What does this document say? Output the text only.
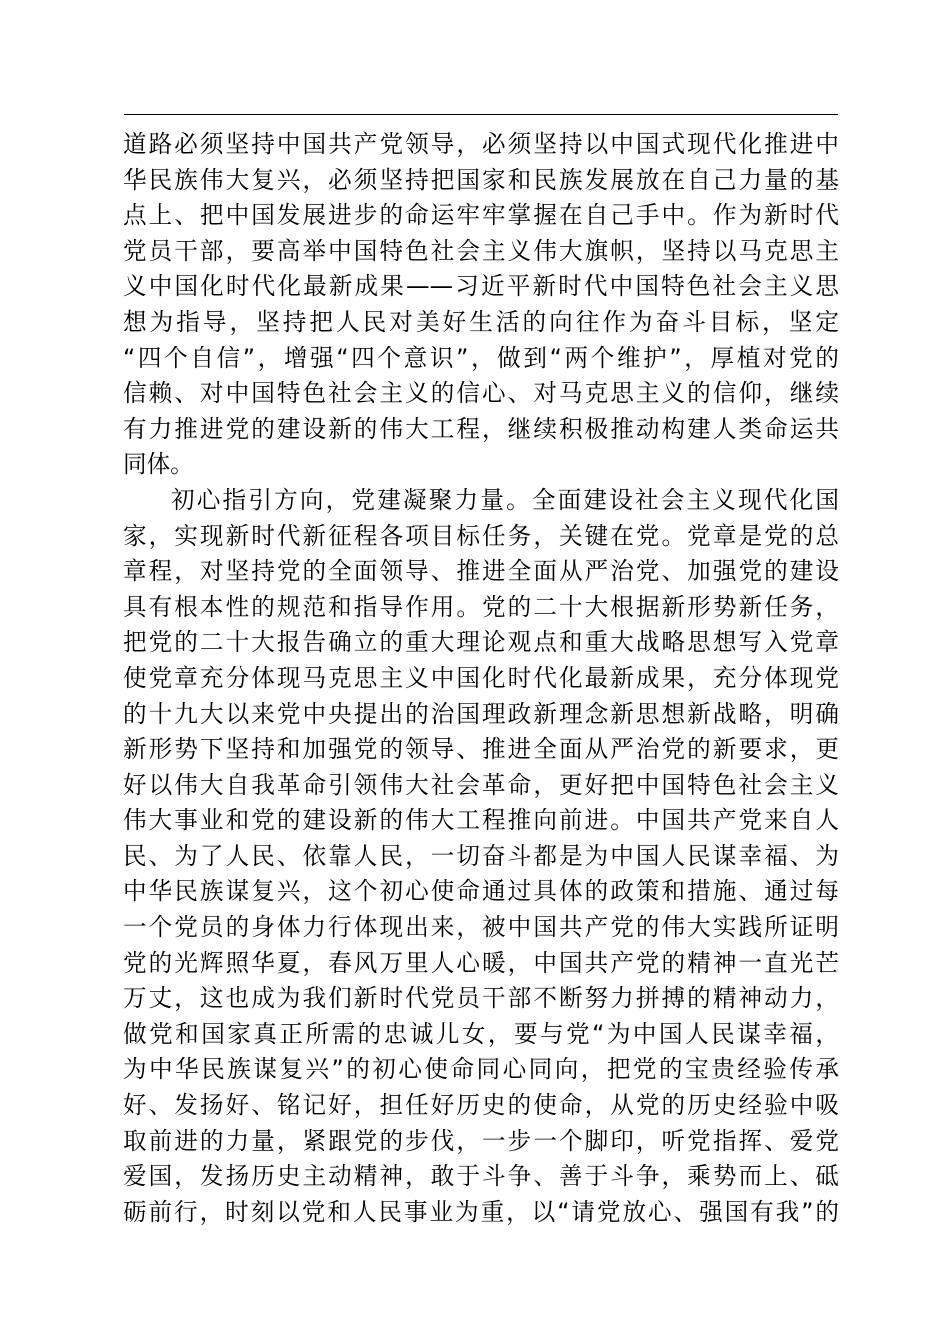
道路必须坚持中国共产党领导，必须坚持以中国式现代化推进中
华民族伟大复兴，必须坚持把国家和民族发展放在自己力量的基
点上、把中国发展进步的命运牢牢掌握在自己手中。作为新时代
党员干部，要高举中国特色社会主义伟大旗帜，坚持以马克思主
义中国化时代化最新成果——习近平新时代中国特色社会主义思
想为指导，坚持把人民对美好生活的向往作为奋斗目标，坚定
“四个自信”，增强“四个意识”，做到“两个维护”，厚植对党的
信赖、对中国特色社会主义的信心、对马克思主义的信仰，继续
有力推进党的建设新的伟大工程，继续积极推动构建人类命运共
同体。
初心指引方向，党建凝聚力量。全面建设社会主义现代化国
家，实现新时代新征程各项目标任务，关键在党。党章是党的总
章程，对坚持党的全面领导、推进全面从严治党、加强党的建设
具有根本性的规范和指导作用。党的二十大根据新形势新任务，
把党的二十大报告确立的重大理论观点和重大战略思想写入党章
使党章充分体现马克思主义中国化时代化最新成果，充分体现党
的十九大以来党中央提出的治国理政新理念新思想新战略，明确
新形势下坚持和加强党的领导、推进全面从严治党的新要求，更
好以伟大自我革命引领伟大社会革命，更好把中国特色社会主义
伟大事业和党的建设新的伟大工程推向前进。中国共产党来自人
民、为了人民、依靠人民，一切奋斗都是为中国人民谋幸福、为
中华民族谋复兴，这个初心使命通过具体的政策和措施、通过每
一个党员的身体力行体现出来，被中国共产党的伟大实践所证明
党的光辉照华夏，春风万里人心暖，中国共产党的精神一直光芒
万丈，这也成为我们新时代党员干部不断努力拼搏的精神动力，
做党和国家真正所需的忠诚儿女，要与党“为中国人民谋幸福，
为中华民族谋复兴”的初心使命同心同向，把党的宝贵经验传承
好、发扬好、铭记好，担任好历史的使命，从党的历史经验中吸
取前进的力量，紧跟党的步伐，一步一个脚印，听党指挥、爱党
爱国，发扬历史主动精神，敢于斗争、善于斗争，乘势而上、砥
砺前行，时刻以党和人民事业为重，以“请党放心、强国有我”的
